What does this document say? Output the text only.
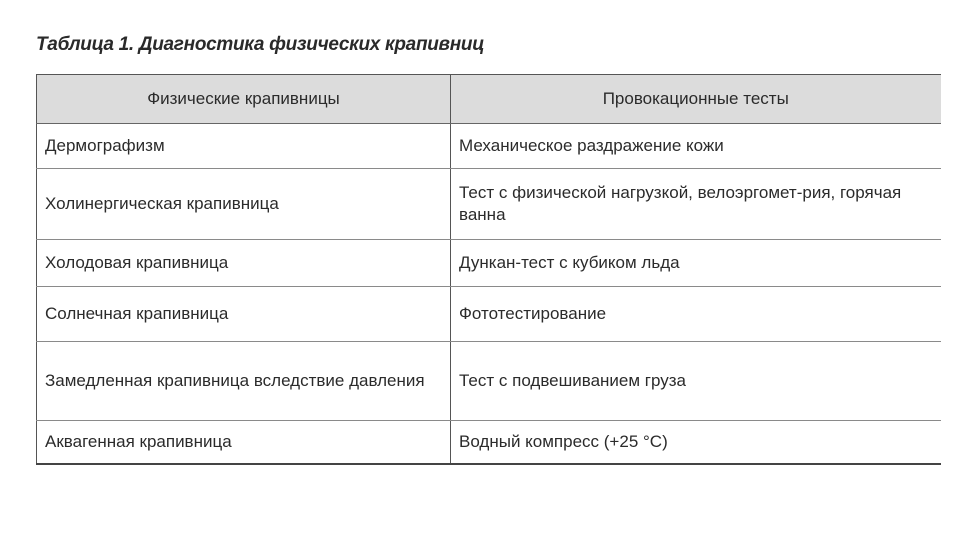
Таблица 1. Диагностика физических крапивниц

Физические крапивницы	Провокационные тесты
Дермографизм	Механическое раздражение кожи
Холинергическая крапивница	Тест с физической нагрузкой, велоэргомет-рия, горячая ванна
Холодовая крапивница	Дункан-тест с кубиком льда
Солнечная крапивница	Фототестирование
Замедленная крапивница вследствие давления	Тест с подвешиванием груза
Аквагенная крапивница	Водный компресс (+25 °C)
